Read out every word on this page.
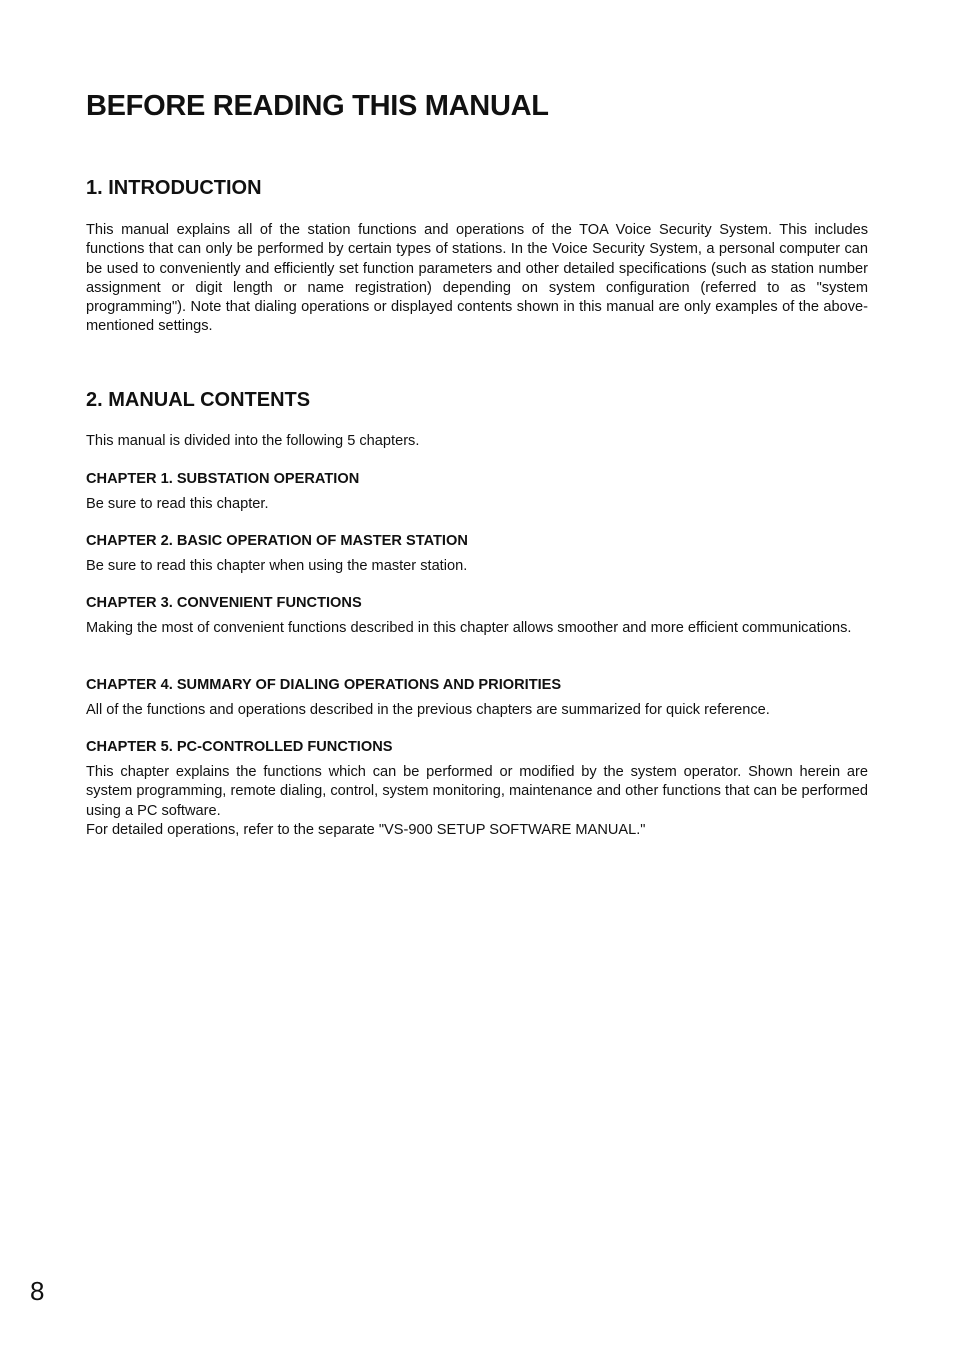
BEFORE READING THIS MANUAL
1. INTRODUCTION

This manual explains all of the station functions and operations of the TOA Voice Security System. This includes functions that can only be performed by certain types of stations. In the Voice Security System, a personal computer can be used to conveniently and efficiently set function parameters and other detailed specifications (such as station number assignment or digit length or name registration) depending on system configuration (referred to as "system programming"). Note that dialing operations or displayed contents shown in this manual are only examples of the above-mentioned settings.

2. MANUAL CONTENTS

This manual is divided into the following 5 chapters.

CHAPTER 1. SUBSTATION OPERATION

Be sure to read this chapter.

CHAPTER 2. BASIC OPERATION OF MASTER STATION

Be sure to read this chapter when using the master station.

CHAPTER 3. CONVENIENT FUNCTIONS

Making the most of convenient functions described in this chapter allows smoother and more efficient communications.

CHAPTER 4. SUMMARY OF DIALING OPERATIONS AND PRIORITIES

All of the functions and operations described in the previous chapters are summarized for quick reference.

CHAPTER 5. PC-CONTROLLED FUNCTIONS

This chapter explains the functions which can be performed or modified by the system operator. Shown herein are system programming, remote dialing, control, system monitoring, maintenance and other functions that can be performed using a PC software.

For detailed operations, refer to the separate "VS-900 SETUP SOFTWARE MANUAL."

8
